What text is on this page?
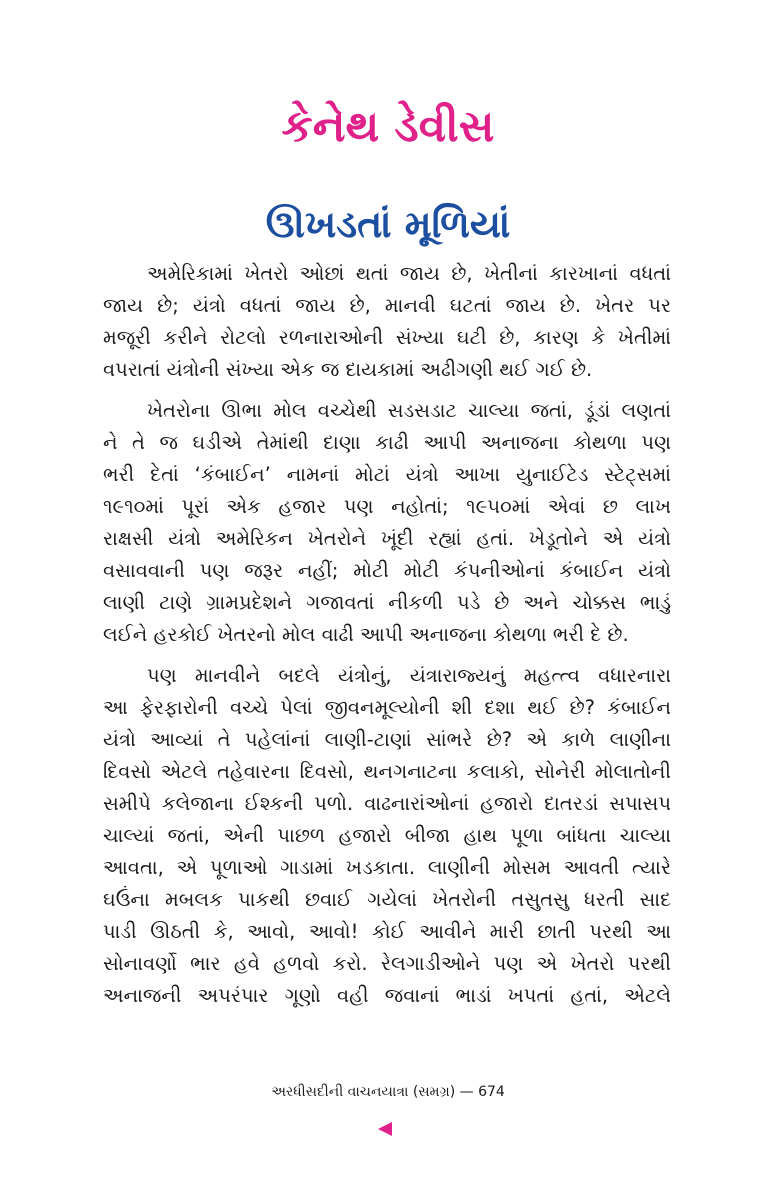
કેનેથ ડેવીસ
ઊખડતાં મૂળિયાં
અમેરિકામાં ખેતરો ઓછાં થતાં જાય છે, ખેતીનાં કારખાનાં વધતાં
જાય છે; યંત્રો વધતાં જાય છે, માનવી ઘટતાં જાય છે. ખેતર પર
મજૂરી કરીને રોટલો રળનારાઓની સંખ્યા ઘટી છે, કારણ કે ખેતીમાં
વપરાતાં યંત્રોની સંખ્યા એક જ દાયકામાં અઢીગણી થઈ ગઈ છે.
ખેતરોના ઊભા મોલ વચ્ચેથી સડસડાટ ચાલ્યા જતાં, ડૂંડાં લણતાં
ને તે જ ઘડીએ તેમાંથી દાણા કાઢી આપી અનાજના કોથળા પણ
ભરી દેતાં ‘કંબાઈન’ નામનાં મોટાં યંત્રો આખા યુનાઈટેડ સ્ટેટ્સમાં
૧૯૧૦માં પૂરાં એક હજાર પણ નહોતાં; ૧૯૫૦માં એવાં છ લાખ
રાક્ષસી યંત્રો અમેરિકન ખેતરોને ખૂંદી રહ્યાં હતાં. ખેડૂતોને એ યંત્રો
વસાવવાની પણ જરૂર નહીં; મોટી મોટી કંપનીઓનાં કંબાઈન યંત્રો
લાણી ટાણે ગ્રામપ્રદેશને ગજાવતાં નીકળી પડે છે અને ચોક્કસ ભાડું
લઈને હરકોઈ ખેતરનો મોલ વાઢી આપી અનાજના કોથળા ભરી દે છે.
પણ માનવીને બદલે યંત્રોનું, યંત્રારાજ્યનું મહત્ત્વ વધારનારા
આ ફેરફારોની વચ્ચે પેલાં જીવનમૂલ્યોની શી દશા થઈ છે? કંબાઈન
યંત્રો આવ્યાં તે પહેલાંનાં લાણી-ટાણાં સાંભરે છે? એ કાળે લાણીના
દિવસો એટલે તહેવારના દિવસો, થનગનાટના કલાકો, સોનેરી મોલાતોની
સમીપે કલેજાના ઈશ્કની પળો. વાઢનારાંઓનાં હજારો દાતરડાં સપાસપ
ચાલ્યાં જતાં, એની પાછળ હજારો બીજા હાથ પૂળા બાંધતા ચાલ્યા
આવતા, એ પૂળાઓ ગાડામાં ખડકાતા. લાણીની મોસમ આવતી ત્યારે
ઘઉંના મબલક પાકથી છવાઈ ગયેલાં ખેતરોની તસુતસુ ધરતી સાદ
પાડી ઊઠતી કે, આવો, આવો! કોઈ આવીને મારી છાતી પરથી આ
સોનાવર્ણો ભાર હવે હળવો કરો. રેલગાડીઓને પણ એ ખેતરો પરથી
અનાજની અપરંપાર ગૂણો વહી જવાનાં ભાડાં ખપતાં હતાં, એટલે
અરધીસદીની વાચનયાત્રા (સમગ્ર) — 674
